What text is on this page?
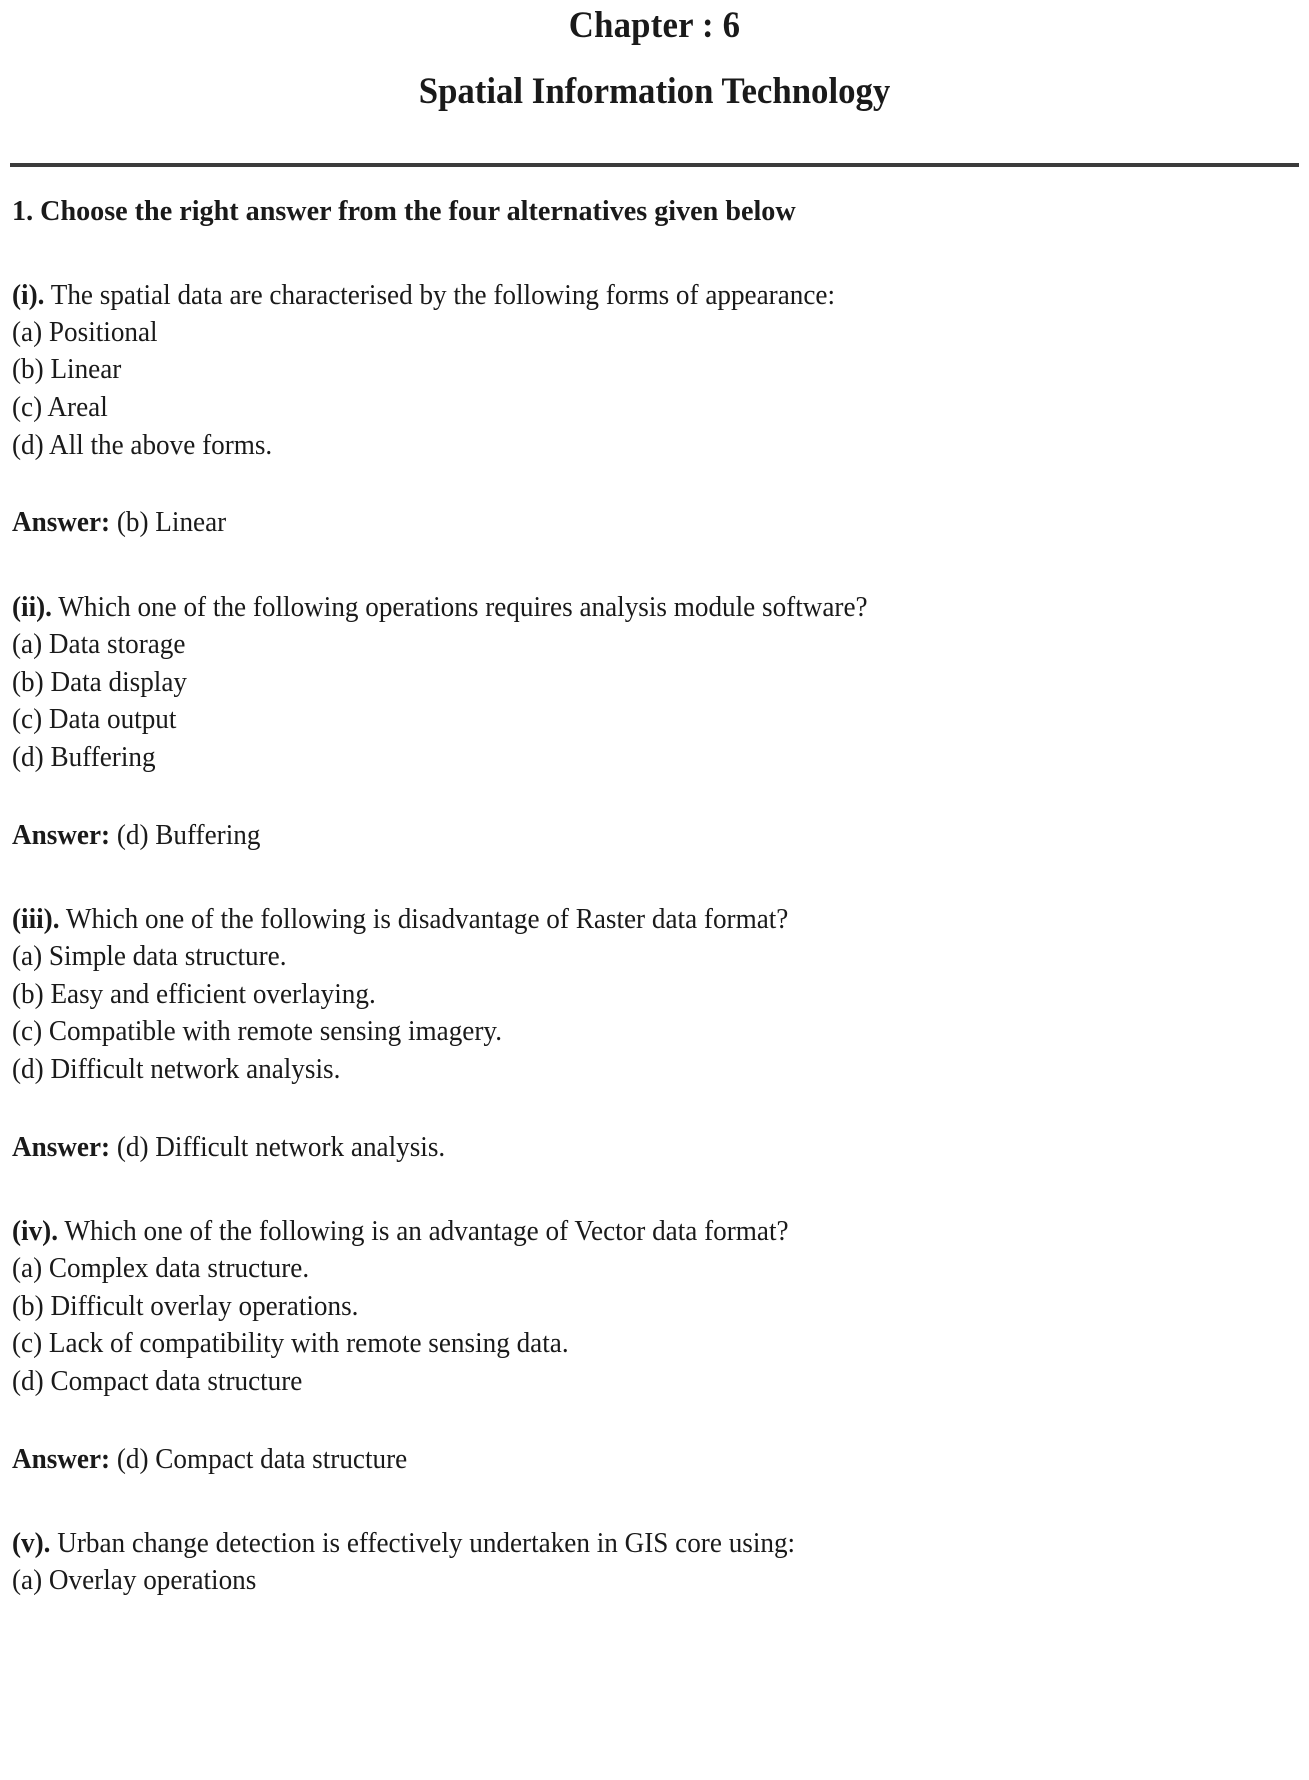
Chapter : 6
Spatial Information Technology
1. Choose the right answer from the four alternatives given below
(i). The spatial data are characterised by the following forms of appearance:
(a) Positional
(b) Linear
(c) Areal
(d) All the above forms.
Answer: (b) Linear
(ii). Which one of the following operations requires analysis module software?
(a) Data storage
(b) Data display
(c) Data output
(d) Buffering
Answer: (d) Buffering
(iii). Which one of the following is disadvantage of Raster data format?
(a) Simple data structure.
(b) Easy and efficient overlaying.
(c) Compatible with remote sensing imagery.
(d) Difficult network analysis.
Answer: (d) Difficult network analysis.
(iv). Which one of the following is an advantage of Vector data format?
(a) Complex data structure.
(b) Difficult overlay operations.
(c) Lack of compatibility with remote sensing data.
(d) Compact data structure
Answer: (d) Compact data structure
(v). Urban change detection is effectively undertaken in GIS core using:
(a) Overlay operations
